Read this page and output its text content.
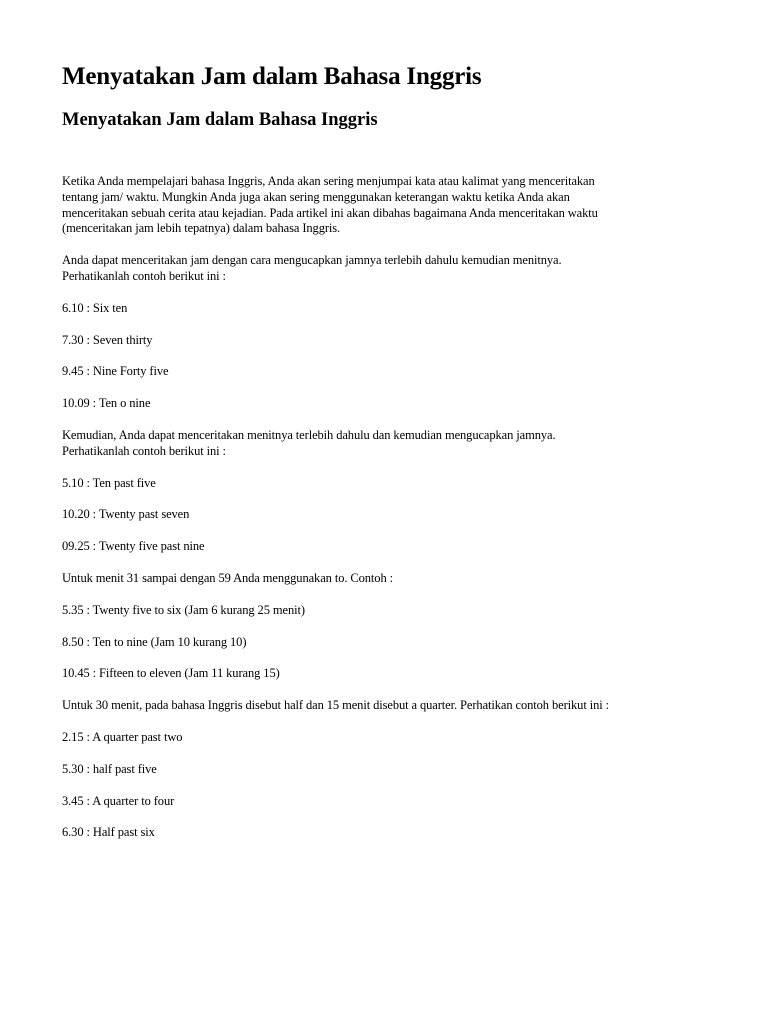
Menyatakan Jam dalam Bahasa Inggris
Menyatakan Jam dalam Bahasa Inggris

Ketika Anda mempelajari bahasa Inggris, Anda akan sering menjumpai kata atau kalimat yang menceritakan
tentang jam/ waktu. Mungkin Anda juga akan sering menggunakan keterangan waktu ketika Anda akan
menceritakan sebuah cerita atau kejadian. Pada artikel ini akan dibahas bagaimana Anda menceritakan waktu
(menceritakan jam lebih tepatnya) dalam bahasa Inggris.

Anda dapat menceritakan jam dengan cara mengucapkan jamnya terlebih dahulu kemudian menitnya.
Perhatikanlah contoh berikut ini :

6.10 : Six ten

7.30 : Seven thirty

9.45 : Nine Forty five

10.09 : Ten o nine

Kemudian, Anda dapat menceritakan menitnya terlebih dahulu dan kemudian mengucapkan jamnya.
Perhatikanlah contoh berikut ini :

5.10 : Ten past five

10.20 : Twenty past seven

09.25 : Twenty five past nine

Untuk menit 31 sampai dengan 59 Anda menggunakan to. Contoh :

5.35 : Twenty five to six (Jam 6 kurang 25 menit)

8.50 : Ten to nine (Jam 10 kurang 10)

10.45 : Fifteen to eleven (Jam 11 kurang 15)

Untuk 30 menit, pada bahasa Inggris disebut half dan 15 menit disebut a quarter. Perhatikan contoh berikut ini :

2.15 : A quarter past two

5.30 : half past five

3.45 : A quarter to four

6.30 : Half past six
